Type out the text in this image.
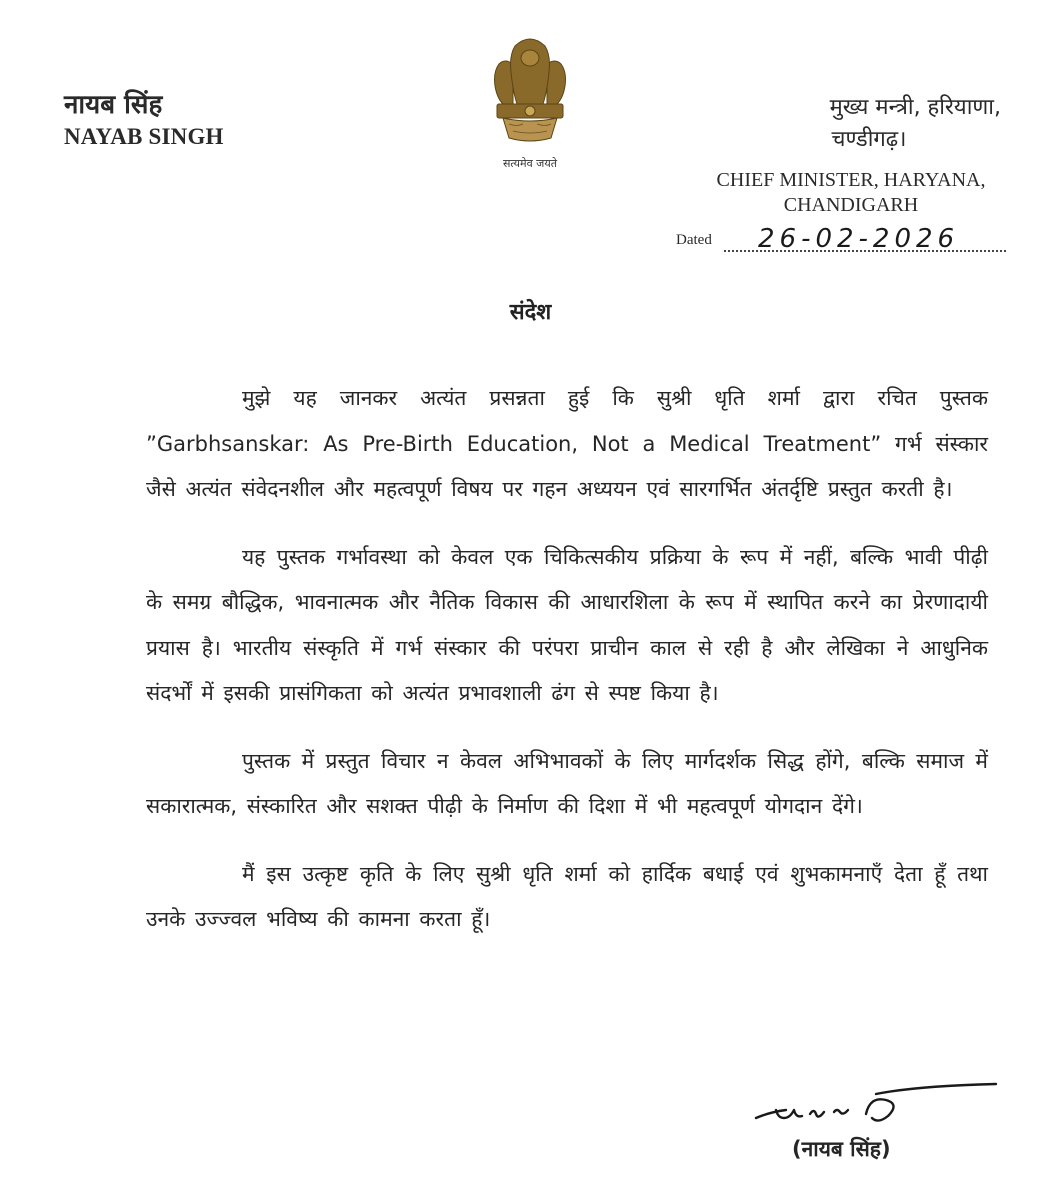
नायब सिंह
NAYAB SINGH
सत्यमेव जयते
मुख्य मन्त्री, हरियाणा,
चण्डीगढ़।
CHIEF MINISTER, HARYANA,
CHANDIGARH
Dated 26-02-2026
संदेश

मुझे यह जानकर अत्यंत प्रसन्नता हुई कि सुश्री धृति शर्मा द्वारा रचित पुस्तक ”Garbhsanskar: As Pre-Birth Education, Not a Medical Treatment” गर्भ संस्कार जैसे अत्यंत संवेदनशील और महत्वपूर्ण विषय पर गहन अध्ययन एवं सारगर्भित अंतर्दृष्टि प्रस्तुत करती है।

यह पुस्तक गर्भावस्था को केवल एक चिकित्सकीय प्रक्रिया के रूप में नहीं, बल्कि भावी पीढ़ी के समग्र बौद्धिक, भावनात्मक और नैतिक विकास की आधारशिला के रूप में स्थापित करने का प्रेरणादायी प्रयास है। भारतीय संस्कृति में गर्भ संस्कार की परंपरा प्राचीन काल से रही है और लेखिका ने आधुनिक संदर्भों में इसकी प्रासंगिकता को अत्यंत प्रभावशाली ढंग से स्पष्ट किया है।

पुस्तक में प्रस्तुत विचार न केवल अभिभावकों के लिए मार्गदर्शक सिद्ध होंगे, बल्कि समाज में सकारात्मक, संस्कारित और सशक्त पीढ़ी के निर्माण की दिशा में भी महत्वपूर्ण योगदान देंगे।

मैं इस उत्कृष्ट कृति के लिए सुश्री धृति शर्मा को हार्दिक बधाई एवं शुभकामनाएँ देता हूँ तथा उनके उज्ज्वल भविष्य की कामना करता हूँ।

(नायब सिंह)
